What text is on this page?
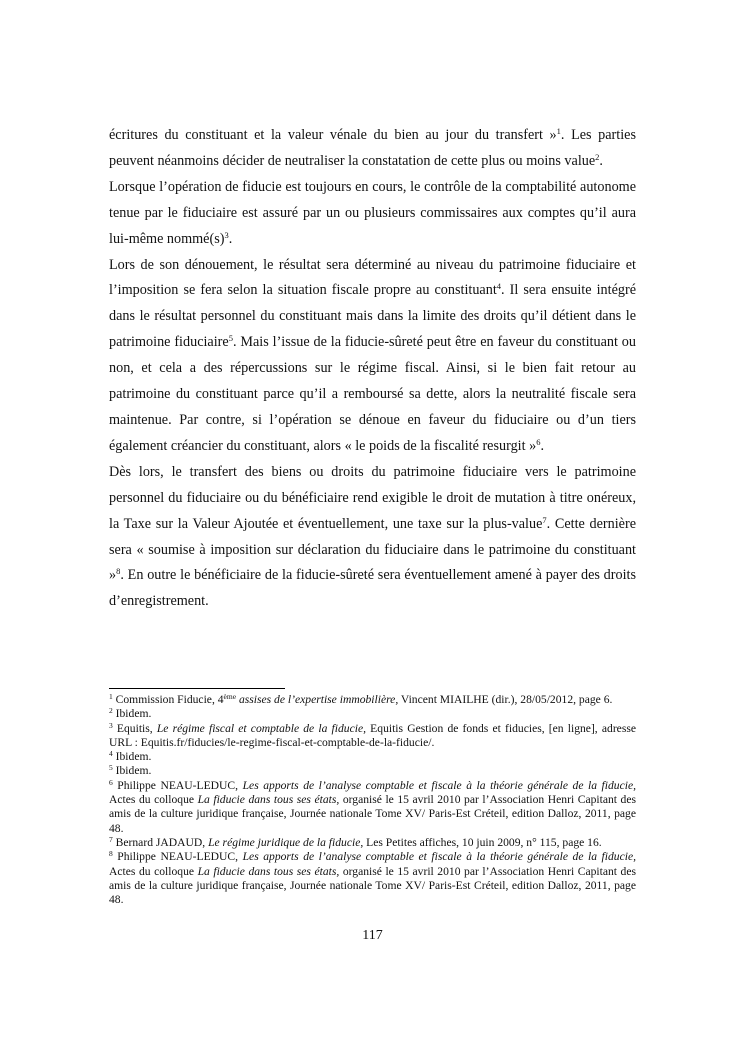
écritures du constituant et la valeur vénale du bien au jour du transfert »$^1$. Les parties peuvent néanmoins décider de neutraliser la constatation de cette plus ou moins value$^2$.

Lorsque l’opération de fiducie est toujours en cours, le contrôle de la comptabilité autonome tenue par le fiduciaire est assuré par un ou plusieurs commissaires aux comptes qu’il aura lui-même $nommé(s)^3$.

Lors de son dénouement, le résultat sera déterminé au niveau du patrimoine fiduciaire et l’imposition se fera selon la situation fiscale propre au constituant$^4$. Il sera ensuite intégré dans le résultat personnel du constituant mais dans la limite des droits qu’il détient dans le patrimoine fiduciaire$^5$. Mais l’issue de la fiducie-sûreté peut être en faveur du constituant ou non, et cela a des répercussions sur le régime fiscal. Ainsi, si le bien fait retour au patrimoine du constituant parce qu’il a remboursé sa dette, alors la neutralité fiscale sera maintenue. Par contre, si l’opération se dénoue en faveur du fiduciaire ou d’un tiers également créancier du constituant, alors « le poids de la fiscalité resurgit »$^6$.

Dès lors, le transfert des biens ou droits du patrimoine fiduciaire vers le patrimoine personnel du fiduciaire ou du bénéficiaire rend exigible le droit de mutation à titre onéreux, la Taxe sur la Valeur Ajoutée et éventuellement, une taxe sur la plus-value$^7$. Cette dernière sera « soumise à imposition sur déclaration du fiduciaire dans le patrimoine du constituant »$^8$. En outre le bénéficiaire de la fiducie-sûreté sera éventuellement amené à payer des droits d’enregistrement.

$^1$ Commission Fiducie, 4ème assises de l’expertise immobilière, Vincent MIAILHE (dir.), 28/05/2012, page 6.

$^2$ Ibidem.

$^3$ Equitis, Le régime fiscal et comptable de la fiducie, Equitis Gestion de fonds et fiducies, [en ligne], adresse URL : Equitis.fr/fiducies/le-regime-fiscal-et-comptable-de-la-fiducie/.

$^4$ Ibidem.

$^5$ Ibidem.

$^6$ Philippe NEAU-LEDUC, Les apports de l’analyse comptable et fiscale à la théorie générale de la fiducie, Actes du colloque La fiducie dans tous ses états, organisé le 15 avril 2010 par l’Association Henri Capitant des amis de la culture juridique française, Journée nationale Tome XV/ Paris-Est Créteil, edition Dalloz, 2011, page 48.

$^7$ Bernard JADAUD, Le régime juridique de la fiducie, Les Petites affiches, 10 juin 2009, n° 115, page 16.

$^8$ Philippe NEAU-LEDUC, Les apports de l’analyse comptable et fiscale à la théorie générale de la fiducie, Actes du colloque La fiducie dans tous ses états, organisé le 15 avril 2010 par l’Association Henri Capitant des amis de la culture juridique française, Journée nationale Tome XV/ Paris-Est Créteil, edition Dalloz, 2011, page 48.

117
